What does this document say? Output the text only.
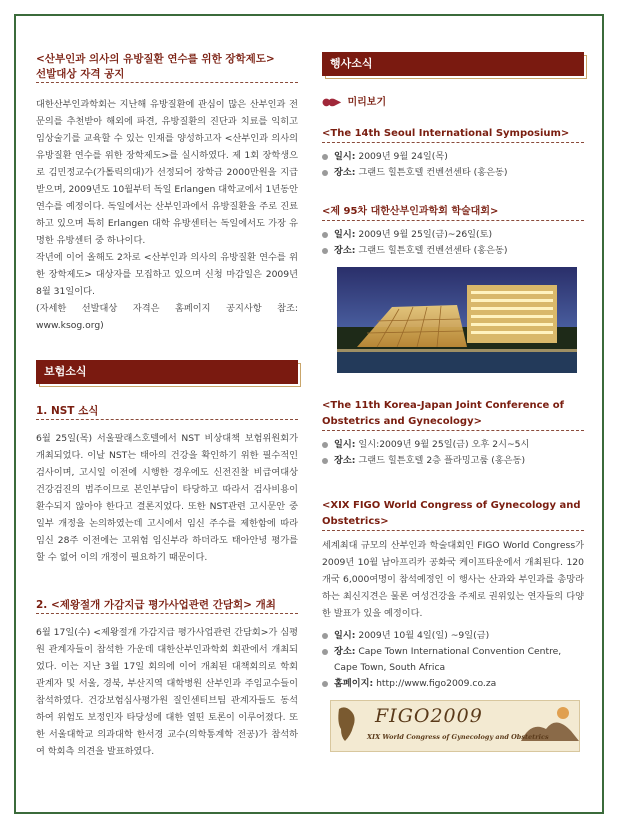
<산부인과 의사의 유방질환 연수를 위한 장학제도>
선발대상 자격 공지

대한산부인과학회는 지난해 유방질환에 관심이 많은 산부인과 전문의를 추천받아 해외에 파견, 유방질환의 진단과 치료를 익히고 임상술기를 교육할 수 있는 인재를 양성하고자 <산부인과 의사의 유방질환 연수를 위한 장학제도>를 실시하였다. 제 1회 장학생으로 김민정교수(가톨릭의대)가 선정되어 장학금 2000만원을 지급받으며, 2009년도 10월부터 독일 Erlangen 대학교에서 1년동안 연수를 예정이다. 독일에서는 산부인과에서 유방질환을 주로 진료하고 있으며 특히 Erlangen 대학 유방센터는 독일에서도 가장 유명한 유방센터 중 하나이다.

작년에 이어 올해도 2차로 <산부인과 의사의 유방질환 연수를 위한 장학제도> 대상자를 모집하고 있으며 신청 마감일은 2009년 8월 31일이다.

(자세한 선발대상 자격은 홈페이지 공지사항 참조: www.ksog.org)

보험소식
1. NST 소식

6월 25일(목) 서울팔래스호텔에서 NST 비상대책 보험위원회가 개최되었다. 이날 NST는 태아의 건강을 확인하기 위한 필수적인 검사이며, 고시일 이전에 시행한 경우에도 신전진찰 비급여대상 건강검진의 범주이므로 본인부담이 타당하고 따라서 검사비용이 환수되지 않아야 한다고 결론지었다. 또한 NST관련 고시문안 중 일부 개정을 논의하였는데 고시에서 임신 주수를 제한함에 따라 임신 28주 이전에는 고위험 임신부라 하더라도 태아안녕 평가를 할 수 없어 이의 개정이 필요하기 때문이다.

2. <제왕절개 가감지급 평가사업관련 간담회> 개최

6월 17일(수) <제왕절개 가감지급 평가사업관련 간담회>가 심평원 관계자들이 참석한 가운데 대한산부인과학회 회관에서 개최되었다. 이는 지난 3월 17일 회의에 이어 개최된 대책회의로 학회 관계자 및 서울, 경북, 부산지역 대학병원 산부인과 주임교수들이 참석하였다. 건강보험심사평가원 질인센티브팀 관계자들도 동석하여 위험도 보정인자 타당성에 대한 열띤 토론이 이루어졌다. 또한 서울대학교 의과대학 한서경 교수(의학통계학 전공)가 참석하여 학회측 의견을 발표하였다.

행사소식
●●▶ 미리보기
<The 14th Seoul International Symposium>
일시: 2009년 9월 24일(목)
장소: 그랜드 힐튼호텔 컨벤션센타 (홍은동)
<제 95차 대한산부인과학회 학술대회>
일시: 2009년 9월 25일(금)~26일(토)
장소: 그랜드 힐튼호텔 컨벤션센타 (홍은동)
<The 11th Korea-Japan Joint Conference of Obstetrics and Gynecology>
일시: 일시:2009년 9월 25일(금) 오후 2시~5시
장소: 그랜드 힐튼호텔 2층 플라밍고룸 (홍은동)
<XIX FIGO World Congress of Gynecology and Obstetrics>

세계최대 규모의 산부인과 학술대회인 FIGO World Congress가 2009년 10월 남아프리카 공화국 케이프타운에서 개최된다. 120개국 6,000여명이 참석예정인 이 행사는 산과와 부인과를 총망라하는 최신지견은 물론 여성건강을 주제로 권위있는 연자들의 다양한 발표가 있을 예정이다.

일시: 2009년 10월 4일(일) ~9일(금)
장소: Cape Town International Convention Centre, Cape Town, South Africa
홈페이지: http://www.figo2009.co.za
FIGO2009
XIX World Congress of Gynecology and Obstetrics
